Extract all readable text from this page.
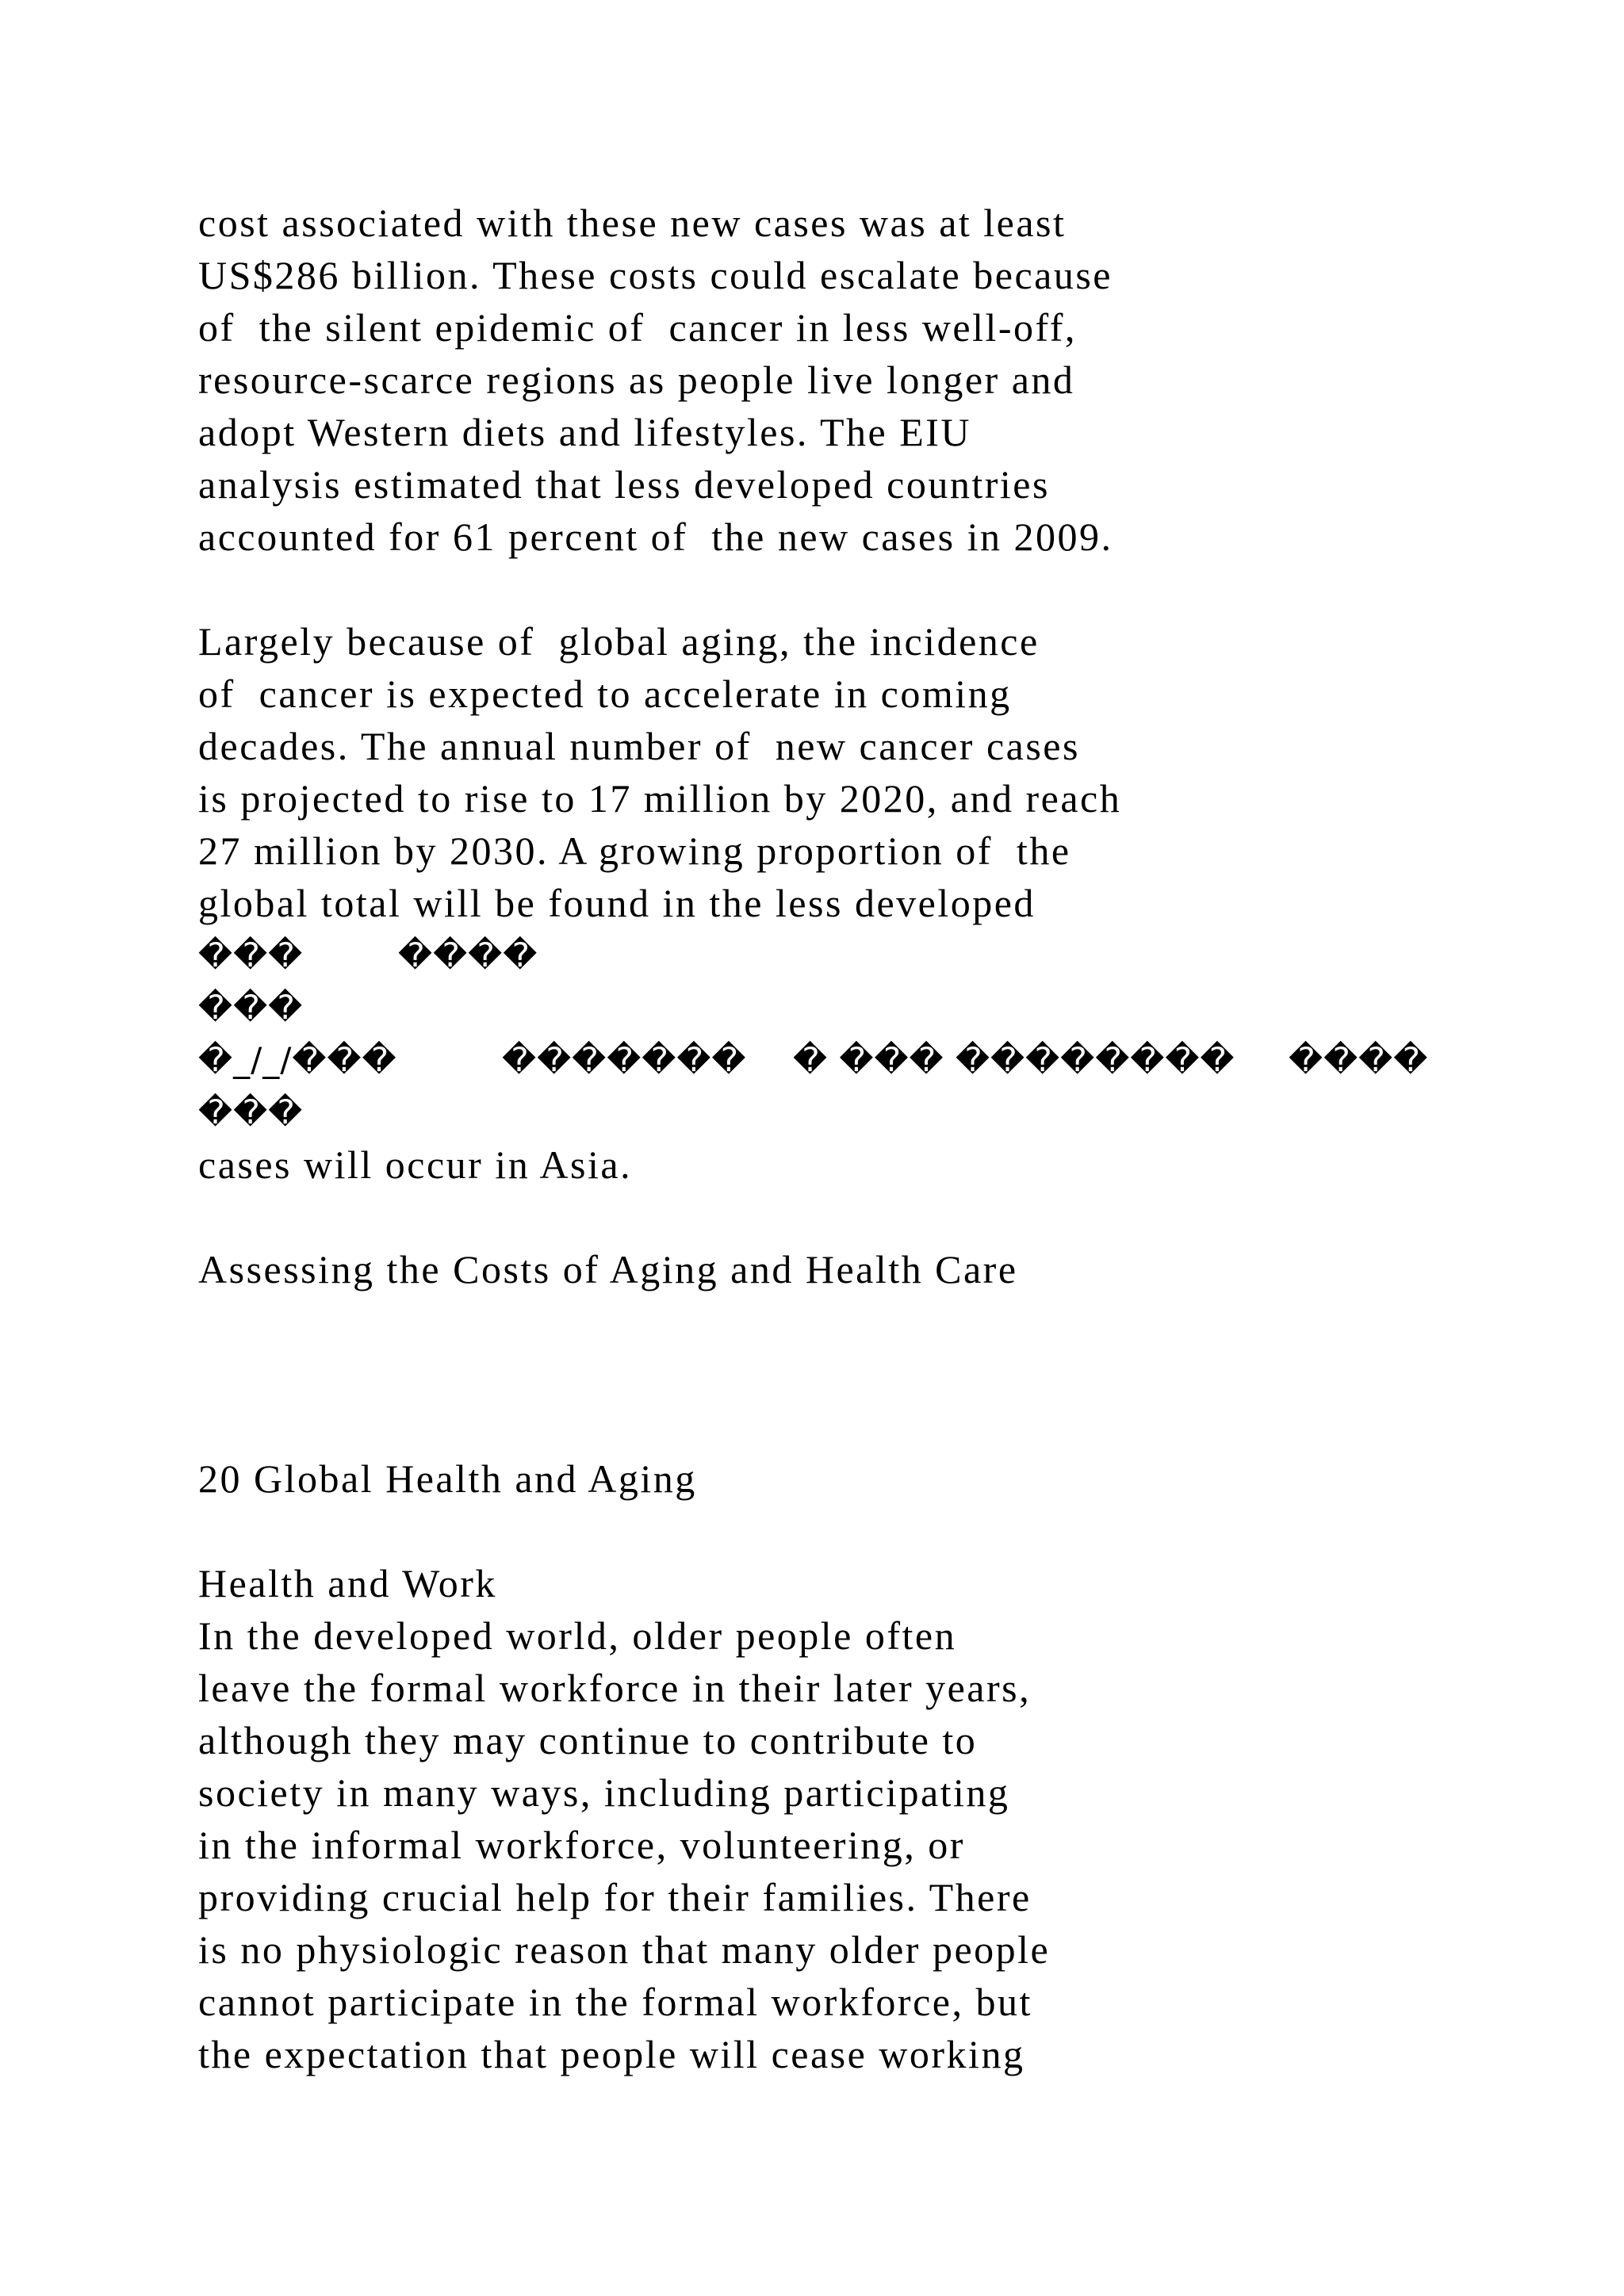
cost associated with these new cases was at least

US$286 billion. These costs could escalate because

of  the silent epidemic of  cancer in less well-off,

resource-scarce regions as people live longer and

adopt Western diets and lifestyles. The EIU

analysis estimated that less developed countries

accounted for 61 percent of  the new cases in 2009.

Largely because of  global aging, the incidence

of  cancer is expected to accelerate in coming

decades. The annual number of  new cancer cases

is projected to rise to 17 million by 2020, and reach

27 million by 2030. A growing proportion of  the

global total will be found in the less developed

���	����

���

�_/_/���	������� � ��� �������� ����

���

cases will occur in Asia.

Assessing the Costs of Aging and Health Care

20 Global Health and Aging

Health and Work

In the developed world, older people often

leave the formal workforce in their later years,

although they may continue to contribute to

society in many ways, including participating

in the informal workforce, volunteering, or

providing crucial help for their families. There

is no physiologic reason that many older people

cannot participate in the formal workforce, but

the expectation that people will cease working
